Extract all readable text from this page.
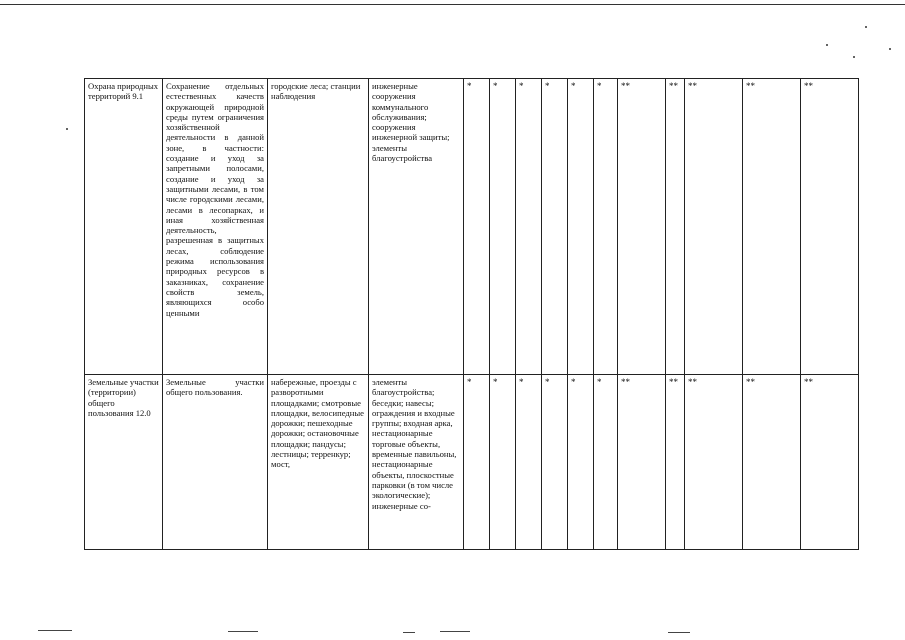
Охрана природных территорий 9.1	Сохранение отдельных естественных качеств окружающей природной среды путем ограничения хозяйственной деятельности в данной зоне, в частности: создание и уход за запретными полосами, создание и уход за защитными лесами, в том числе городскими лесами, лесами в лесопарках, и иная хозяйственная деятельность, разрешенная в защитных лесах, соблюдение режима использования природных ресурсов в заказниках, сохранение свойств земель, являющихся особо ценными	городские леса; станции наблюдения	инженерные сооружения коммунального обслуживания; сооружения инженерной защиты; элементы благоустройства	*	*	*	*	*	*	**	**	**	**	**
Земельные участки (территории) общего пользования 12.0	Земельные участки общего пользования.	набережные, проезды с разворотными площадками; смотровые площадки, велосипедные дорожки; пешеходные дорожки; остановочные площадки; пандусы; лестницы; терренкур; мост,	элементы благоустройства; беседки; навесы; ограждения и входные группы; входная арка, нестационарные торговые объекты, временные павильоны, нестационарные объекты, плоскостные парковки (в том числе экологические); инженерные со-	*	*	*	*	*	*	**	**	**	**	**
